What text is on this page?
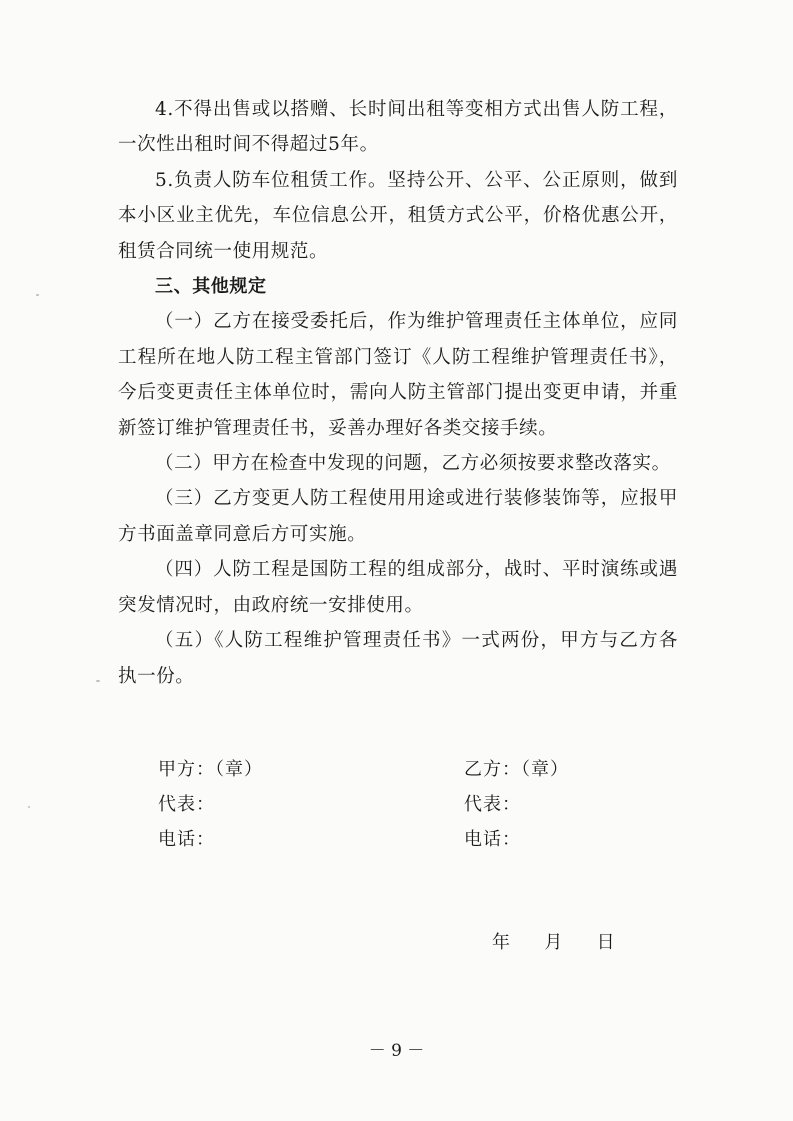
4.不得出售或以搭赠、长时间出租等变相方式出售人防工程，一次性出租时间不得超过5年。

5.负责人防车位租赁工作。坚持公开、公平、公正原则，做到本小区业主优先，车位信息公开，租赁方式公平，价格优惠公开，租赁合同统一使用规范。

三、其他规定

（一）乙方在接受委托后，作为维护管理责任主体单位，应同工程所在地人防工程主管部门签订《人防工程维护管理责任书》，今后变更责任主体单位时，需向人防主管部门提出变更申请，并重新签订维护管理责任书，妥善办理好各类交接手续。

（二）甲方在检查中发现的问题，乙方必须按要求整改落实。

（三）乙方变更人防工程使用用途或进行装修装饰等，应报甲方书面盖章同意后方可实施。

（四）人防工程是国防工程的组成部分，战时、平时演练或遇突发情况时，由政府统一安排使用。

（五）《人防工程维护管理责任书》一式两份，甲方与乙方各执一份。

甲方：（章）
代表：
电话：
乙方：（章）
代表：
电话：
年      月      日
－ 9 －
